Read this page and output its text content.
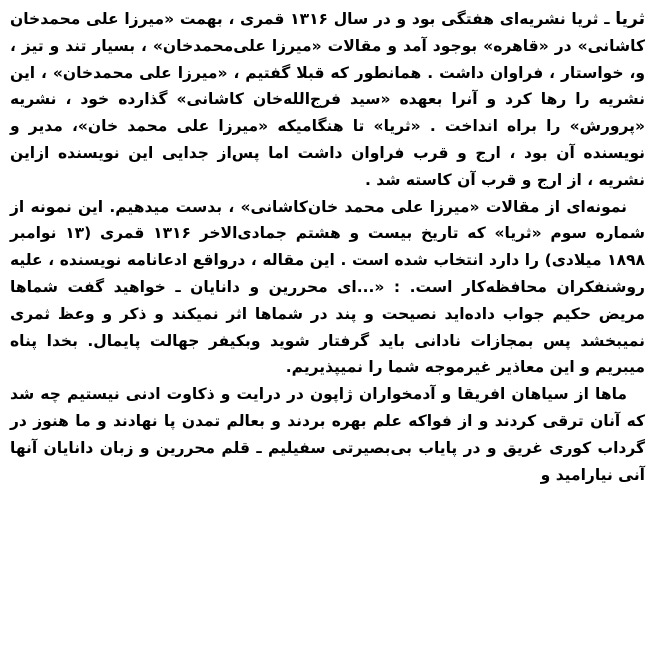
ثریا ـ ثریا نشریه‌ای هفتگی بود و در سال ۱۳۱۶ قمری ، بهمت «میرزا علی محمدخان کاشانی» در «قاهره» بوجود آمد و مقالات «میرزا علی‌محمدخان» ، بسیار تند و تیز ، و، خواستار ، فراوان داشت . همانطور که قبلا گفتیم ، «میرزا علی محمدخان» ، این نشریه را رها کرد و آنرا بعهده «سید فرج‌الله‌خان کاشانی» گذارده خود ، نشریه «پرورش» را براه انداخت . «ثریا» تا هنگامیکه «میرزا علی محمد خان»، مدیر و نویسنده آن بود ، ارج و قرب فراوان داشت اما پس‌از جدایی این نویسنده ازاین نشریه ، از ارج و قرب آن کاسته شد .

نمونه‌ای از مقالات «میرزا علی محمد خان‌کاشانی» ، بدست میدهیم. این نمونه از شماره سوم «ثریا» که تاریخ بیست و هشتم جمادی‌الاخر ۱۳۱۶ قمری (۱۳ نوامبر ۱۸۹۸ میلادی) را دارد انتخاب شده است . این مقاله ، درواقع ادعانامه نویسنده ، علیه روشنفکران محافظه‌کار است. : «...ای محررین و دانایان ـ خواهید گفت شماها مریض حکیم جواب داده‌اید نصیحت و پند در شماها اثر نمیکند و ذکر و وعظ ثمری نمیبخشد پس بمجازات نادانی باید گرفتار شوید وبکیفر جهالت پایمال. بخدا پناه میبریم و این معاذیر غیرموجه شما را نمیپذیریم.

ماها از سیاهان افریقا و آدمخواران ژاپون در درایت و ذکاوت ادنی نیستیم چه شد که آنان ترقی کردند و از فواکه علم بهره بردند و بعالم تمدن پا نهادند و ما هنوز در گرداب کوری غریق و در پایاب بی‌بصیرتی سفیلیم ـ قلم محررین و زبان دانایان آنها آنی نیارامید و
